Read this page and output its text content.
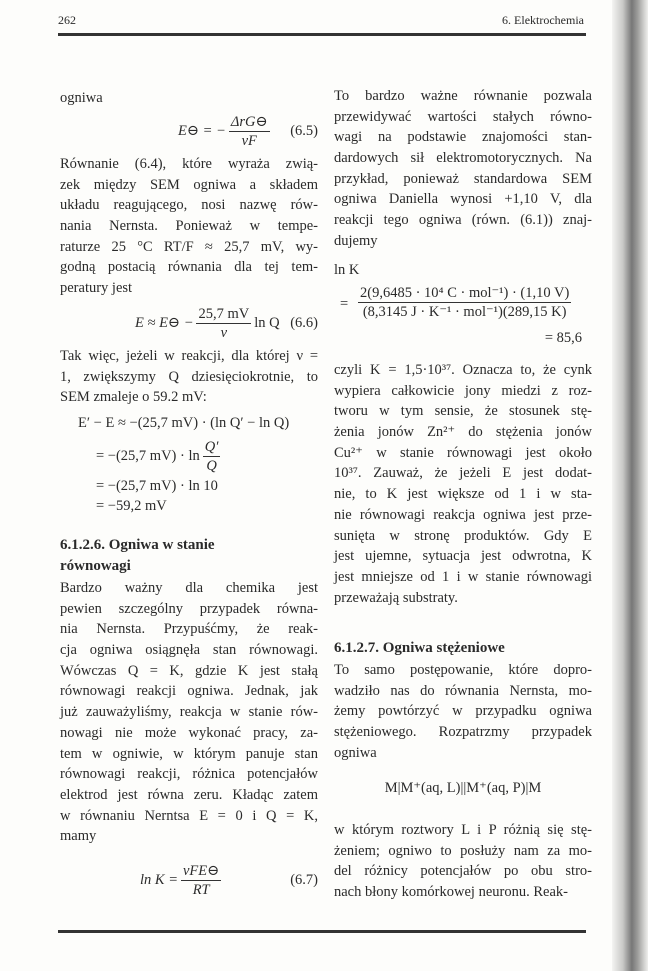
262	6. Elektrochemia
ogniwa
E⊖ = − $\frac{\text{ΔrG⊖}}{\nu F} (6.5)$
Równanie (6.4), które wyraża zwią-
zek między SEM ogniwa a składem
układu reagującego, nosi nazwę rów-
nania Nernsta. Ponieważ w tempe-
raturze 25 °C RT/F ≈ 25,7 mV, wy-
godną postacią równania dla tej tem-
peratury jest
E ≈ E⊖ − $\frac{25,7 mV}{\nu}$ ln Q (6.6)
Tak więc, jeżeli w reakcji, dla której ν =
1, zwiększymy Q dziesięciokrotnie, to
SEM zmaleje o 59.2 mV:
E′ − E ≈ −(25,7 mV) · (ln Q′ − ln Q)
= −(25,7 $mV) \cdot \ln \frac{Q'}{Q}$
= −(25,7 mV) · ln 10
= −59,2 mV
6.1.2.6. Ogniwa w stanie
równowagi
Bardzo ważny dla chemika jest
pewien szczególny przypadek równa-
nia Nernsta. Przypuśćmy, że reak-
cja ogniwa osiągnęła stan równowagi.
Wówczas Q = K, gdzie K jest stałą
równowagi reakcji ogniwa. Jednak, jak
już zauważyliśmy, reakcja w stanie rów-
nowagi nie może wykonać pracy, za-
tem w ogniwie, w którym panuje stan
równowagi reakcji, różnica potencjałów
elektrod jest równa zeru. Kładąc zatem
w równaniu Nerntsa E = 0 i Q = K,
mamy
$\ln K = \frac{\text{νFE⊖}}{RT}$	(6.7)
To bardzo ważne równanie pozwala
przewidywać wartości stałych równo-
wagi na podstawie znajomości stan-
dardowych sił elektromotorycznych. Na
przykład, ponieważ standardowa SEM
ogniwa Daniella wynosi +1,10 V, dla
reakcji tego ogniwa (równ. (6.1)) znaj-
dujemy
ln K
= $\frac{\text{2(9,6485 · 10⁴ C · mol⁻¹) · (1,10 V)}}{\text{(8,3145 J · K⁻¹ · mol⁻¹)(289,15 K)}}$
= 85,6
czyli K = 1,5·10³⁷. Oznacza to, że cynk
wypiera całkowicie jony miedzi z roz-
tworu w tym sensie, że stosunek stę-
żenia jonów Zn²⁺ do stężenia jonów
Cu²⁺ w stanie równowagi jest około
10³⁷. Zauważ, że jeżeli E jest dodat-
nie, to K jest większe od 1 i w sta-
nie równowagi reakcja ogniwa jest prze-
sunięta w stronę produktów. Gdy E
jest ujemne, sytuacja jest odwrotna, K
jest mniejsze od 1 i w stanie równowagi
przeważają substraty.
6.1.2.7. Ogniwa stężeniowe
To samo postępowanie, które dopro-
wadziło nas do równania Nernsta, mo-
żemy powtórzyć w przypadku ogniwa
stężeniowego. Rozpatrzmy przypadek
ogniwa
M|M⁺(aq, L)||M⁺(aq, P)|M
w którym roztwory L i P różnią się stę-
żeniem; ogniwo to posłuży nam za mo-
del różnicy potencjałów po obu stro-
nach błony komórkowej neuronu. Reak-
